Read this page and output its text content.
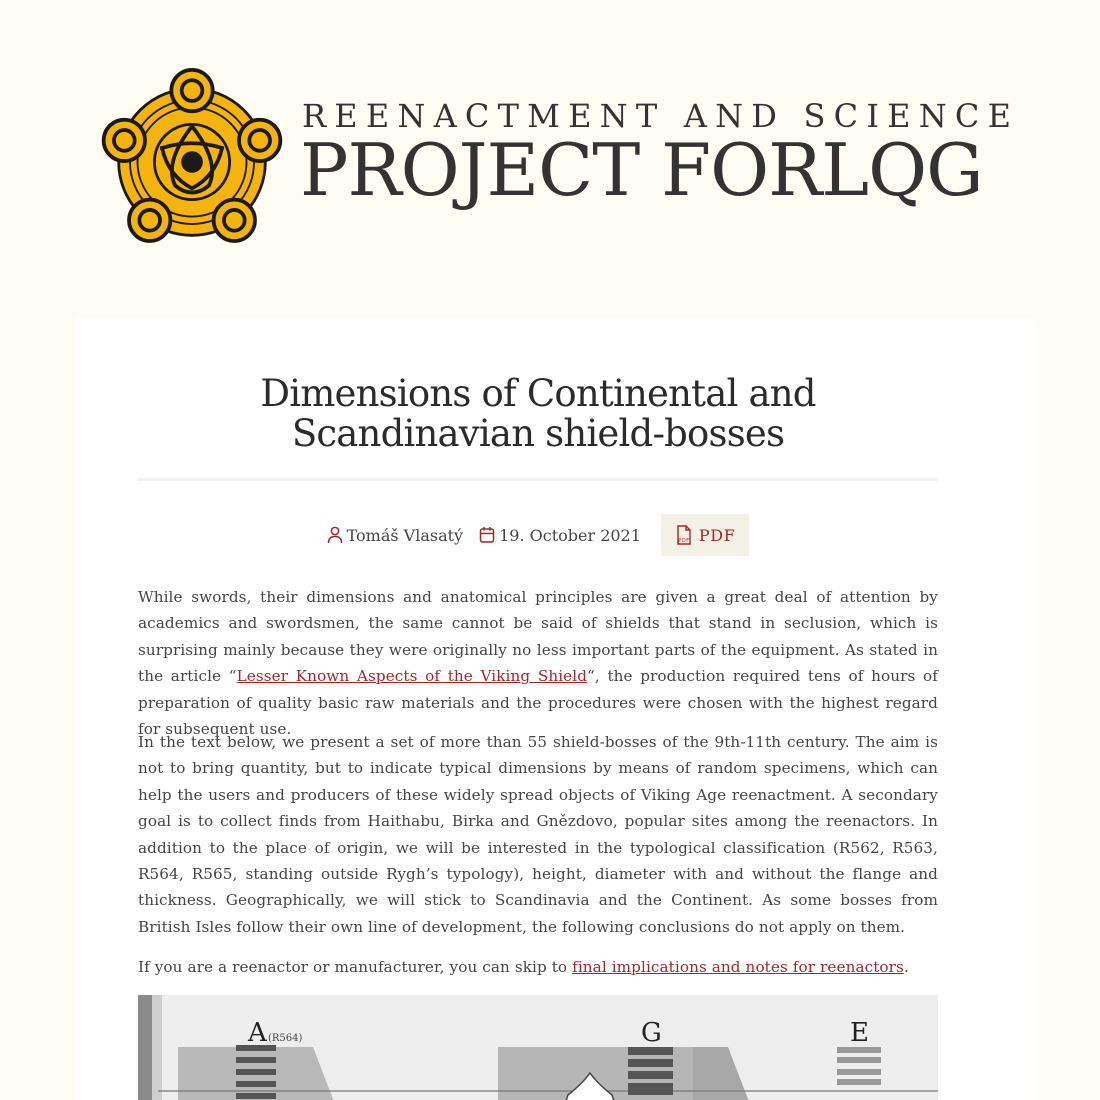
REENACTMENT AND SCIENCE
PROJECT FORLQG
Dimensions of Continental and Scandinavian shield-bosses
Tomáš Vlasatý 19. October 2021	PDF PDF

While swords, their dimensions and anatomical principles are given a great deal of attention by academics and swordsmen, the same cannot be said of shields that stand in seclusion, which is surprising mainly because they were originally no less important parts of the equipment. As stated in the article “Lesser Known Aspects of the Viking Shield“, the production required tens of hours of preparation of quality basic raw materials and the procedures were chosen with the highest regard for subsequent use.

In the text below, we present a set of more than 55 shield-bosses of the 9th-11th century. The aim is not to bring quantity, but to indicate typical dimensions by means of random specimens, which can help the users and producers of these widely spread objects of Viking Age reenactment. A secondary goal is to collect finds from Haithabu, Birka and Gnězdovo, popular sites among the reenactors. In addition to the place of origin, we will be interested in the typological classification (R562, R563, R564, R565, standing outside Rygh’s typology), height, diameter with and without the flange and thickness. Geographically, we will stick to Scandinavia and the Continent. As some bosses from British Isles follow their own line of development, the following conclusions do not apply on them.

If you are a reenactor or manufacturer, you can skip to final implications and notes for reenactors.

A (R564)	G	E
